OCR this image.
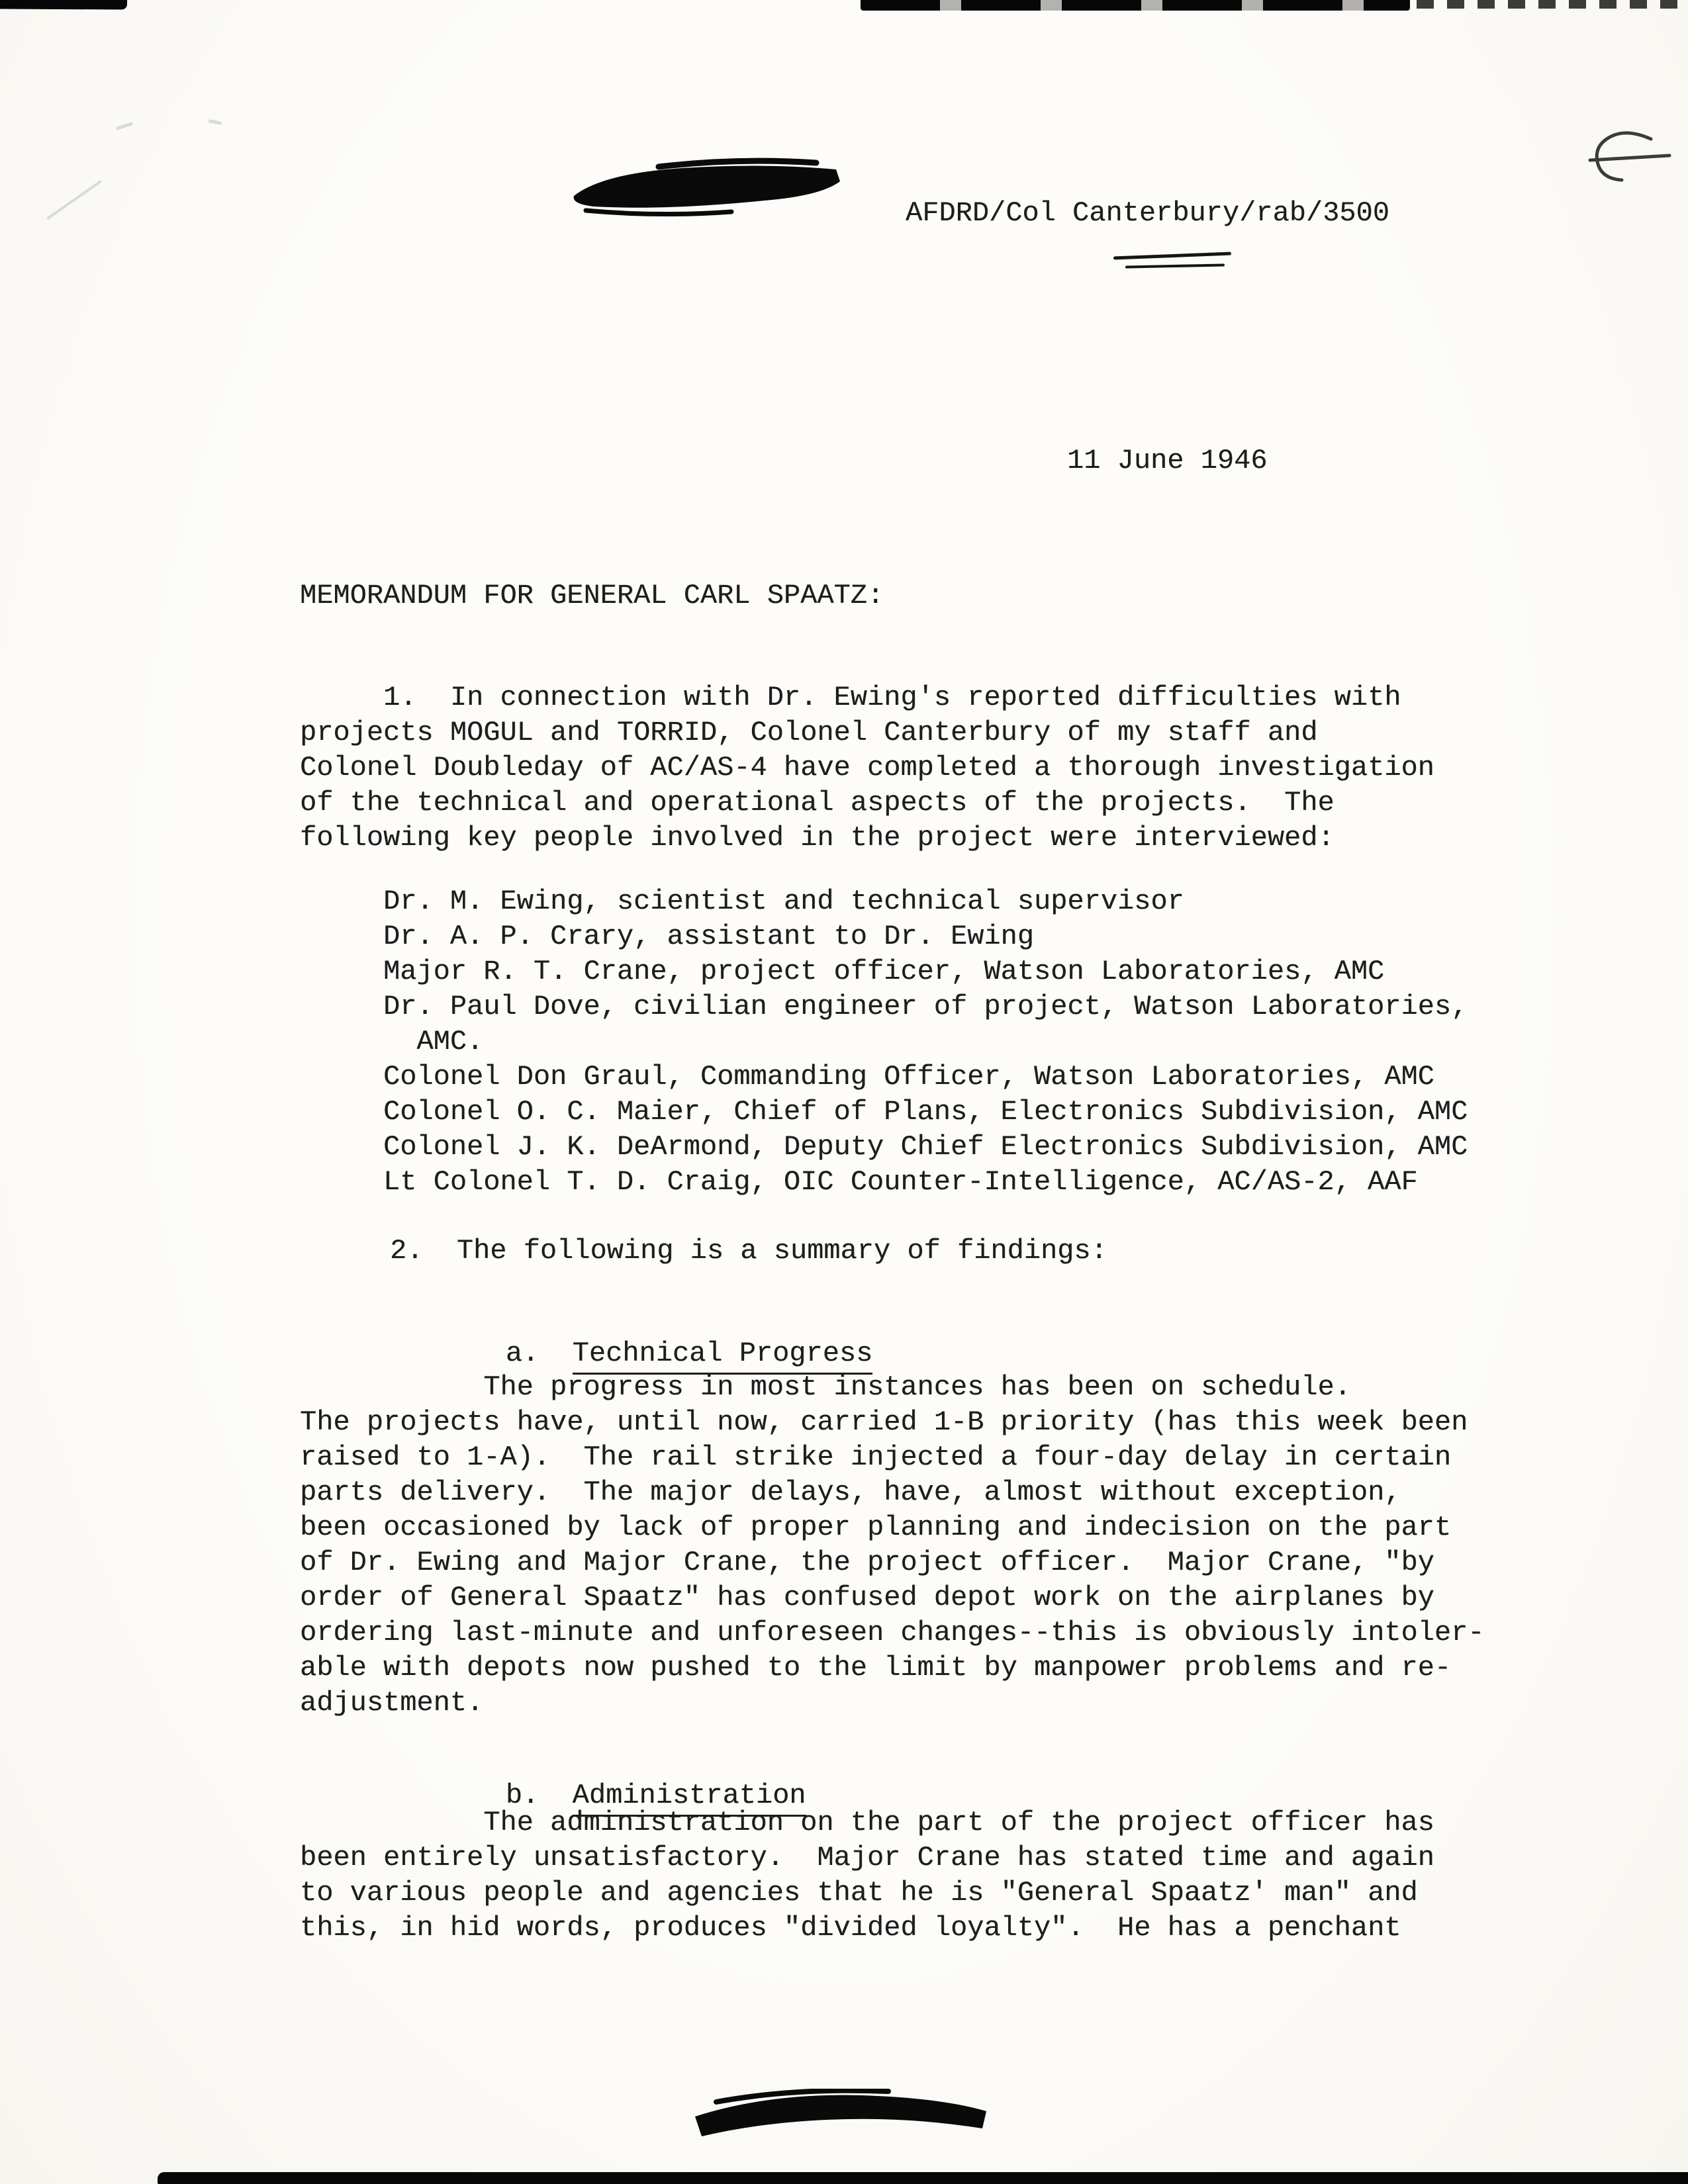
AFDRD/Col Canterbury/rab/3500
11 June 1946
MEMORANDUM FOR GENERAL CARL SPAATZ:
1.  In connection with Dr. Ewing's reported difficulties with
projects MOGUL and TORRID, Colonel Canterbury of my staff and
Colonel Doubleday of AC/AS-4 have completed a thorough investigation
of the technical and operational aspects of the projects.  The
following key people involved in the project were interviewed:
Dr. M. Ewing, scientist and technical supervisor
Dr. A. P. Crary, assistant to Dr. Ewing
Major R. T. Crane, project officer, Watson Laboratories, AMC
Dr. Paul Dove, civilian engineer of project, Watson Laboratories,
AMC.
Colonel Don Graul, Commanding Officer, Watson Laboratories, AMC
Colonel O. C. Maier, Chief of Plans, Electronics Subdivision, AMC
Colonel J. K. DeArmond, Deputy Chief Electronics Subdivision, AMC
Lt Colonel T. D. Craig, OIC Counter-Intelligence, AC/AS-2, AAF
2.  The following is a summary of findings:

a. Technical Progress

The progress in most instances has been on schedule.
The projects have, until now, carried 1-B priority (has this week been
raised to 1-A).  The rail strike injected a four-day delay in certain
parts delivery.  The major delays, have, almost without exception,
been occasioned by lack of proper planning and indecision on the part
of Dr. Ewing and Major Crane, the project officer.  Major Crane, "by
order of General Spaatz" has confused depot work on the airplanes by
ordering last-minute and unforeseen changes--this is obviously intoler-
able with depots now pushed to the limit by manpower problems and re-
adjustment.

b. Administration

The administration on the part of the project officer has
been entirely unsatisfactory.  Major Crane has stated time and again
to various people and agencies that he is "General Spaatz' man" and
this, in hid words, produces "divided loyalty".  He has a penchant
